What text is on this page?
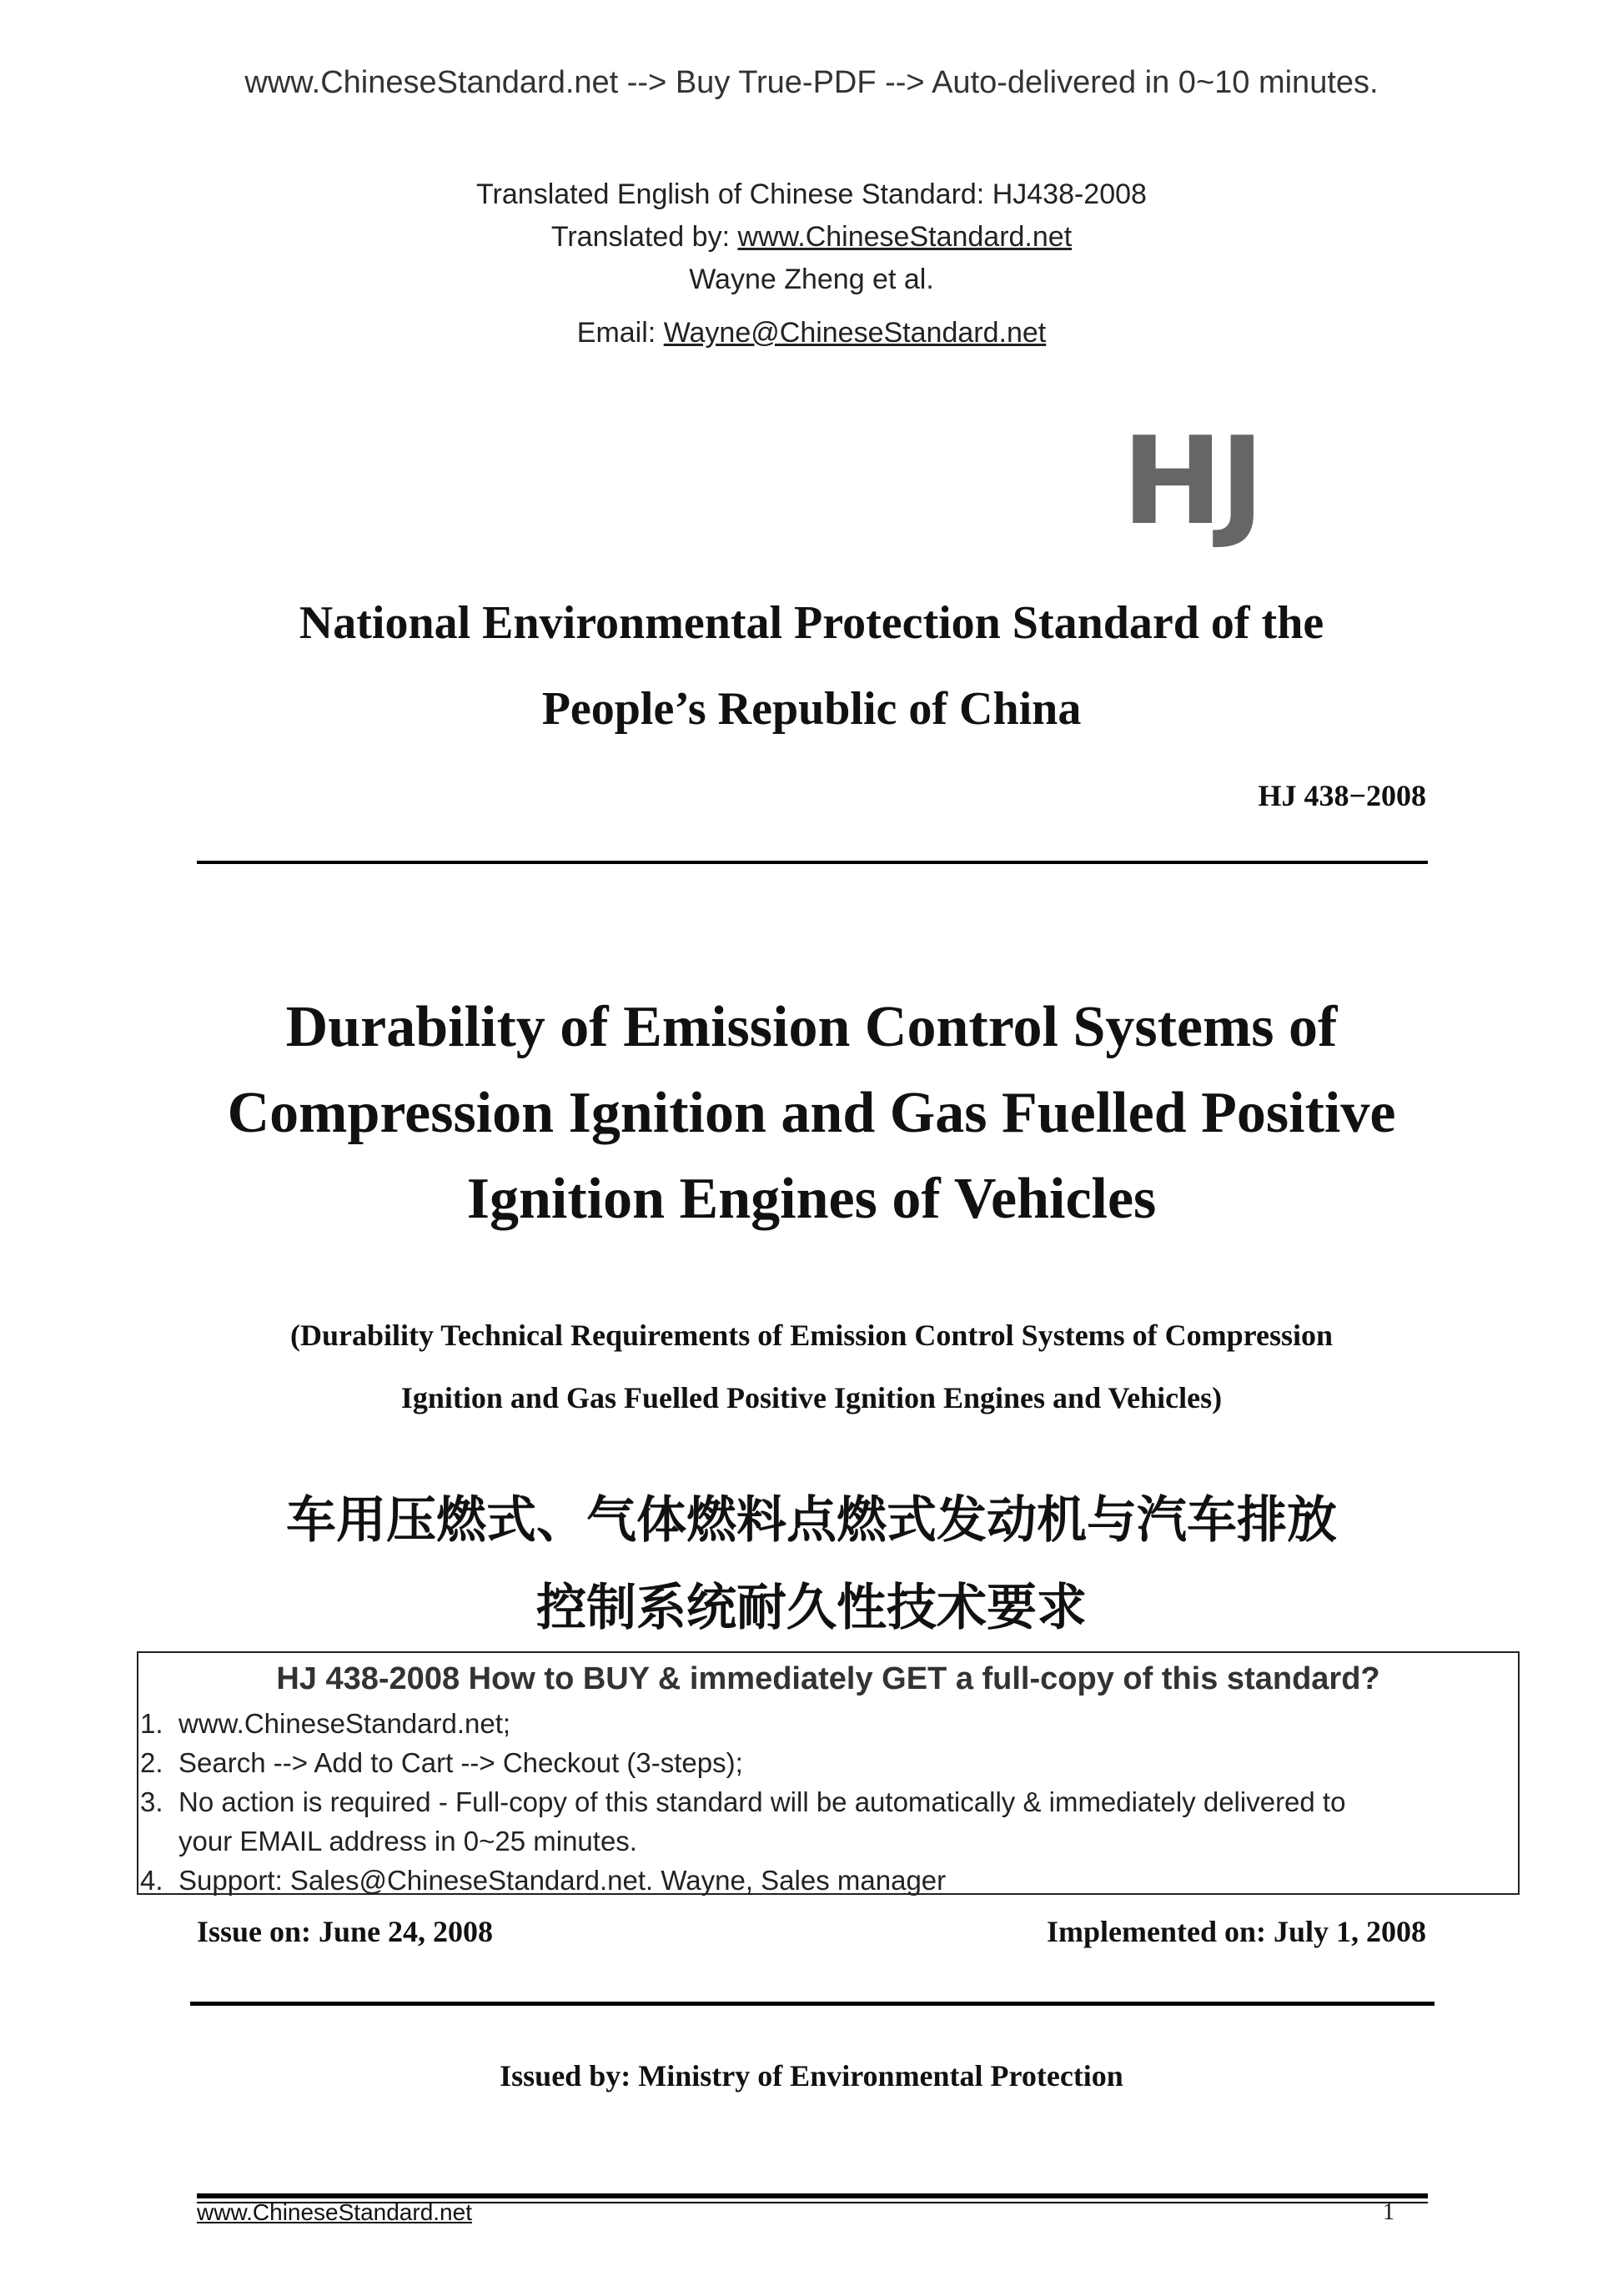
www.ChineseStandard.net --> Buy True-PDF --> Auto-delivered in 0~10 minutes.
Translated English of Chinese Standard: HJ438-2008
Translated by: www.ChineseStandard.net
Wayne Zheng et al.
Email: Wayne@ChineseStandard.net
HJ
National Environmental Protection Standard of the
People’s Republic of China
HJ 438−2008
Durability of Emission Control Systems of
Compression Ignition and Gas Fuelled Positive
Ignition Engines of Vehicles
(Durability Technical Requirements of Emission Control Systems of Compression
Ignition and Gas Fuelled Positive Ignition Engines and Vehicles)
车用压燃式、气体燃料点燃式发动机与汽车排放
控制系统耐久性技术要求
HJ 438-2008 How to BUY & immediately GET a full-copy of this standard?
1. www.ChineseStandard.net;
2. Search --> Add to Cart --> Checkout (3-steps);
3. No action is required - Full-copy of this standard will be automatically & immediately delivered to
your EMAIL address in 0~25 minutes.
4. Support: Sales@ChineseStandard.net. Wayne, Sales manager
Issue on: June 24, 2008	Implemented on: July 1, 2008
Issued by: Ministry of Environmental Protection
www.ChineseStandard.net	1
